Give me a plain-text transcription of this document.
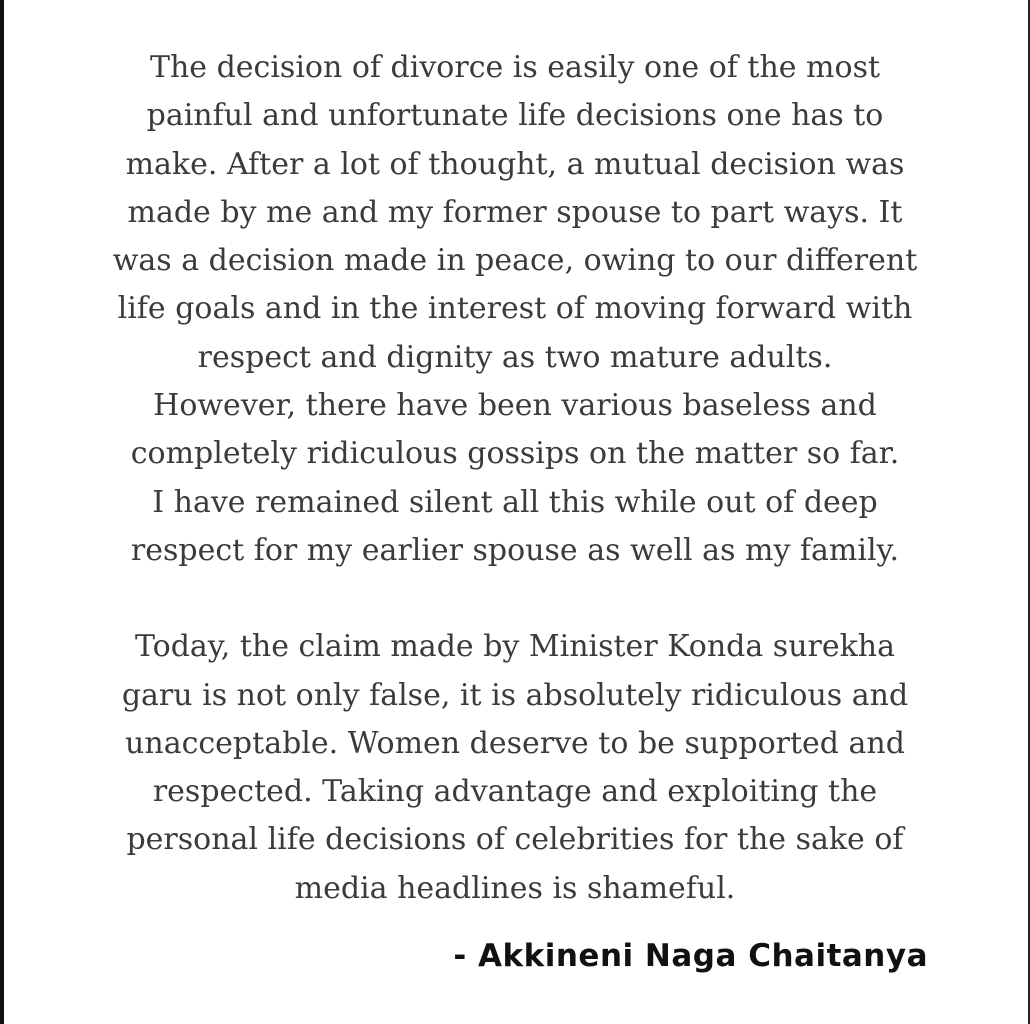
The decision of divorce is easily one of the most
painful and unfortunate life decisions one has to
make. After a lot of thought, a mutual decision was
made by me and my former spouse to part ways. It
was a decision made in peace, owing to our different
life goals and in the interest of moving forward with
respect and dignity as two mature adults.
However, there have been various baseless and
completely ridiculous gossips on the matter so far.
I have remained silent all this while out of deep
respect for my earlier spouse as well as my family.
Today, the claim made by Minister Konda surekha
garu is not only false, it is absolutely ridiculous and
unacceptable. Women deserve to be supported and
respected. Taking advantage and exploiting the
personal life decisions of celebrities for the sake of
media headlines is shameful.
- Akkineni Naga Chaitanya
